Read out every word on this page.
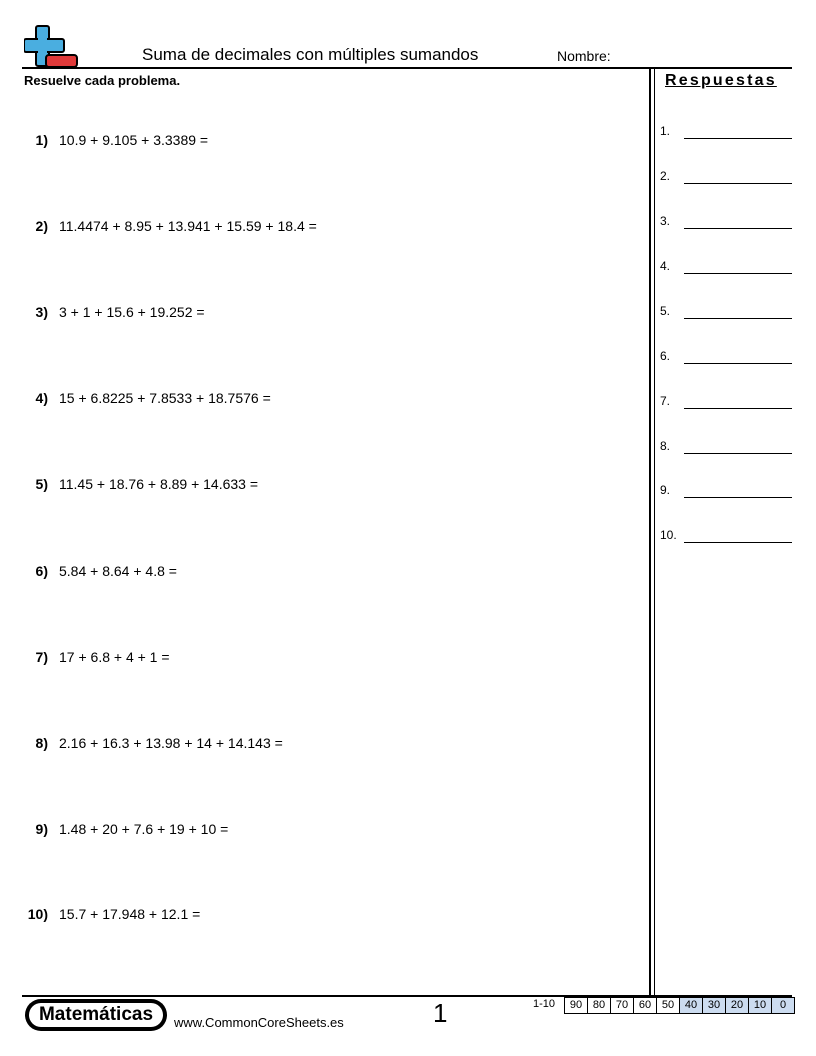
Suma de decimales con múltiples sumandos	Nombre:
Resuelve cada problema.	Respuestas
1) 10.9 + 9.105 + 3.3389 =
2) 11.4474 + 8.95 + 13.941 + 15.59 + 18.4 =
3) 3 + 1 + 15.6 + 19.252 =
4) 15 + 6.8225 + 7.8533 + 18.7576 =
5) 11.45 + 18.76 + 8.89 + 14.633 =
6) 5.84 + 8.64 + 4.8 =
7) 17 + 6.8 + 4 + 1 =
8) 2.16 + 16.3 + 13.98 + 14 + 14.143 =
9) 1.48 + 20 + 7.6 + 19 + 10 =
10) 15.7 + 17.948 + 12.1 =
1.
2.
3.
4.
5.
6.
7.
8.
9.
10.
Matemáticas	www.CommonCoreSheets.es	1	1-10	90 80 70 60 50 40 30 20 10	0
